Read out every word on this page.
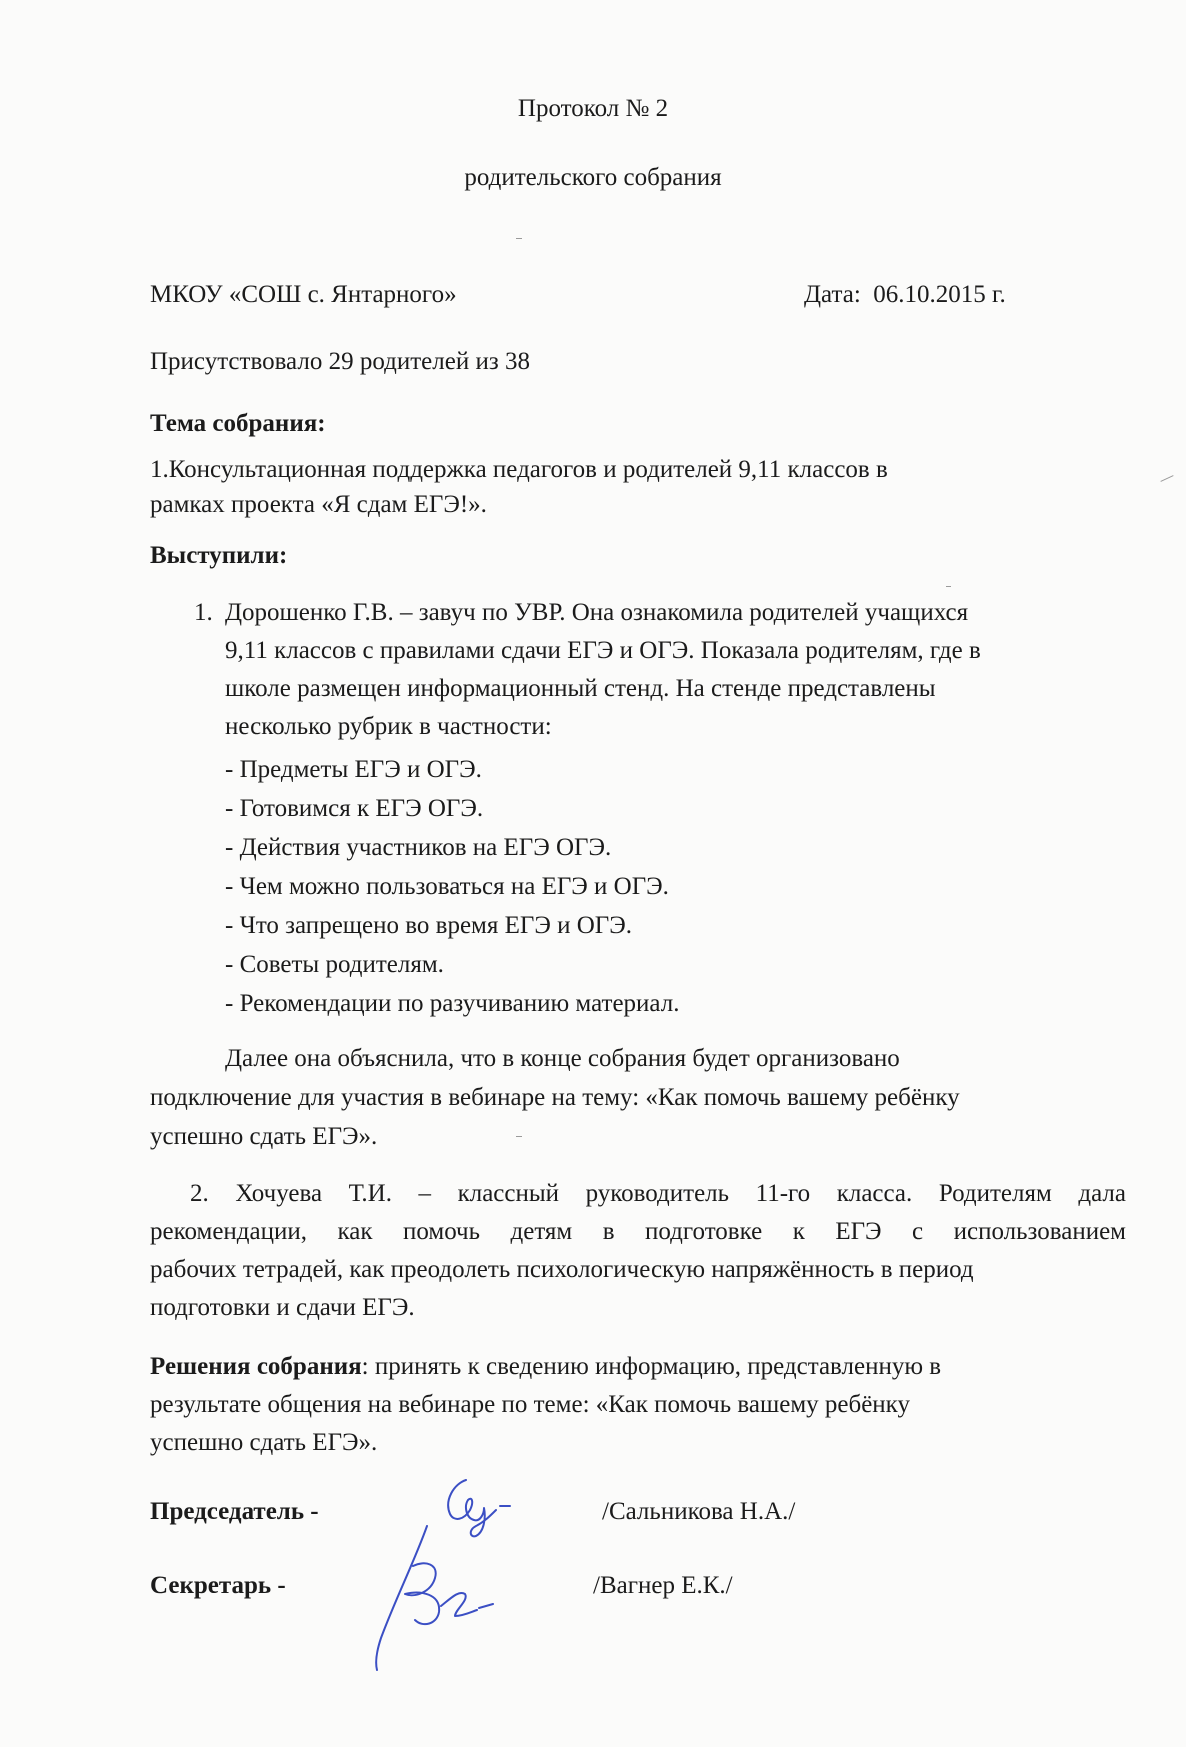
Протокол № 2

родительского собрания

МКОУ «СОШ с. Янтарного»	Дата: 06.10.2015 г.

Присутствовало 29 родителей из 38

Тема собрания:

1.Консультационная поддержка педагогов и родителей 9,11 классов в

рамках проекта «Я сдам ЕГЭ!».

Выступили:

1. Дорошенко Г.В. – завуч по УВР. Она ознакомила родителей учащихся

9,11 классов с правилами сдачи ЕГЭ и ОГЭ. Показала родителям, где в

школе размещен информационный стенд. На стенде представлены

несколько рубрик в частности:

- Предметы ЕГЭ и ОГЭ.

- Готовимся к ЕГЭ ОГЭ.

- Действия участников на ЕГЭ ОГЭ.

- Чем можно пользоваться на ЕГЭ и ОГЭ.

- Что запрещено во время ЕГЭ и ОГЭ.

- Советы родителям.

- Рекомендации по разучиванию материал.

Далее она объяснила, что в конце собрания будет организовано

подключение для участия в вебинаре на тему: «Как помочь вашему ребёнку

успешно сдать ЕГЭ».

2. Хочуева Т.И. – классный руководитель 11-го класса. Родителям дала

рекомендации, как помочь детям в подготовке к ЕГЭ с использованием

рабочих тетрадей, как преодолеть психологическую напряжённость в период

подготовки и сдачи ЕГЭ.

Решения собрания: принять к сведению информацию, представленную в

результате общения на вебинаре по теме: «Как помочь вашему ребёнку

успешно сдать ЕГЭ».

Председатель -	/Сальникова Н.А./

Секретарь -	/Вагнер Е.К./
